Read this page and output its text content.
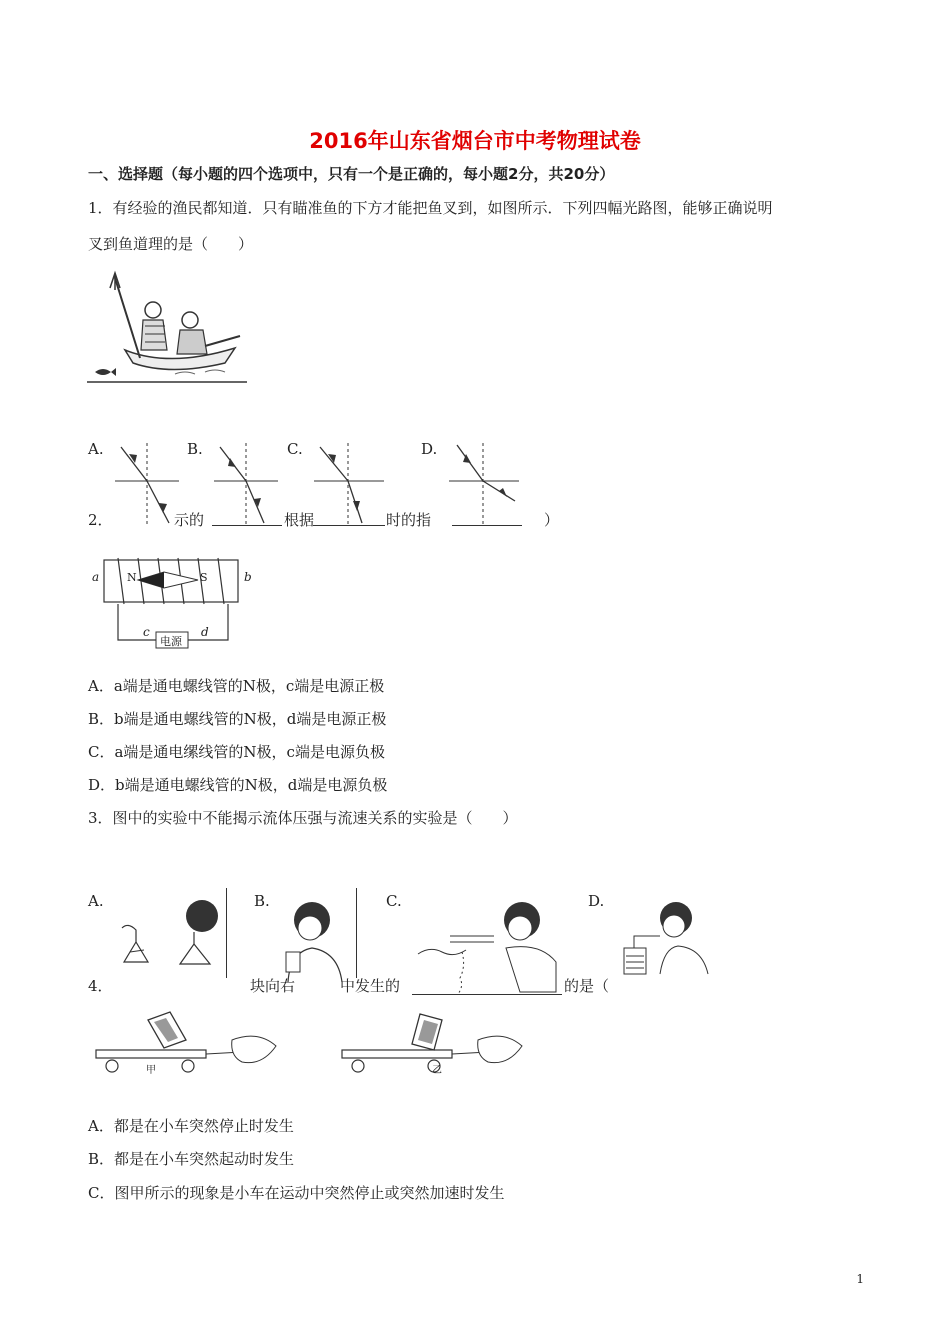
2016年山东省烟台市中考物理试卷
一、选择题（每小题的四个选项中，只有一个是正确的，每小题2分，共20分）
1．有经验的渔民都知道．只有瞄准鱼的下方才能把鱼叉到，如图所示．下列四幅光路图，能够正确说明
叉到鱼道理的是（　　）
A.	B.	C.	D.
2．	示的	根据	时的指	）
a	b
N	S
c	d
电源
A．a端是通电螺线管的N极，c端是电源正极
B．b端是通电螺线管的N极，d端是电源正极
C．a端是通电缧线管的N极，c端是电源负极
D．b端是通电螺线管的N极，d端是电源负极
3．图中的实验中不能揭示流体压强与流速关系的实验是（　　）
A.	B.	C.	D.
4．	块向右	中发生的	的是（
甲	乙
A．都是在小车突然停止时发生
B．都是在小车突然起动时发生
C．图甲所示的现象是小车在运动中突然停止或突然加速时发生
1
